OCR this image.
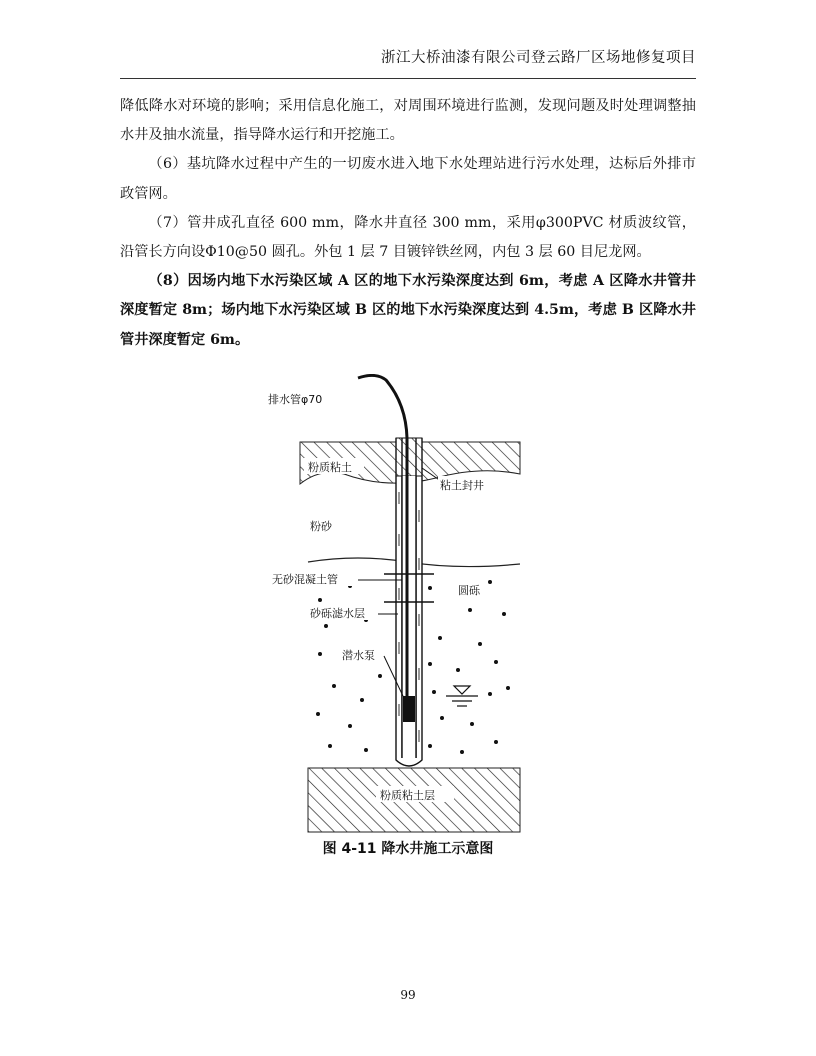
浙江大桥油漆有限公司登云路厂区场地修复项目

降低降水对环境的影响；采用信息化施工，对周围环境进行监测，发现问题及时处理调整抽水井及抽水流量，指导降水运行和开挖施工。

（6）基坑降水过程中产生的一切废水进入地下水处理站进行污水处理，达标后外排市政管网。

（7）管井成孔直径 600 mm，降水井直径 300 mm，采用φ300PVC 材质波纹管，沿管长方向设Φ10@50 圆孔。外包 1 层 7 目镀锌铁丝网，内包 3 层 60 目尼龙网。

（8）因场内地下水污染区域 A 区的地下水污染深度达到 6m，考虑 A 区降水井管井深度暂定 8m；场内地下水污染区域 B 区的地下水污染深度达到 4.5m，考虑 B 区降水井管井深度暂定 6m。

排水管φ70
粉质粘土
粘土封井
粉砂
无砂混凝土管
圆砾
砂砾滤水层
潜水泵
粉质粘土层
图 4-11 降水井施工示意图
99
